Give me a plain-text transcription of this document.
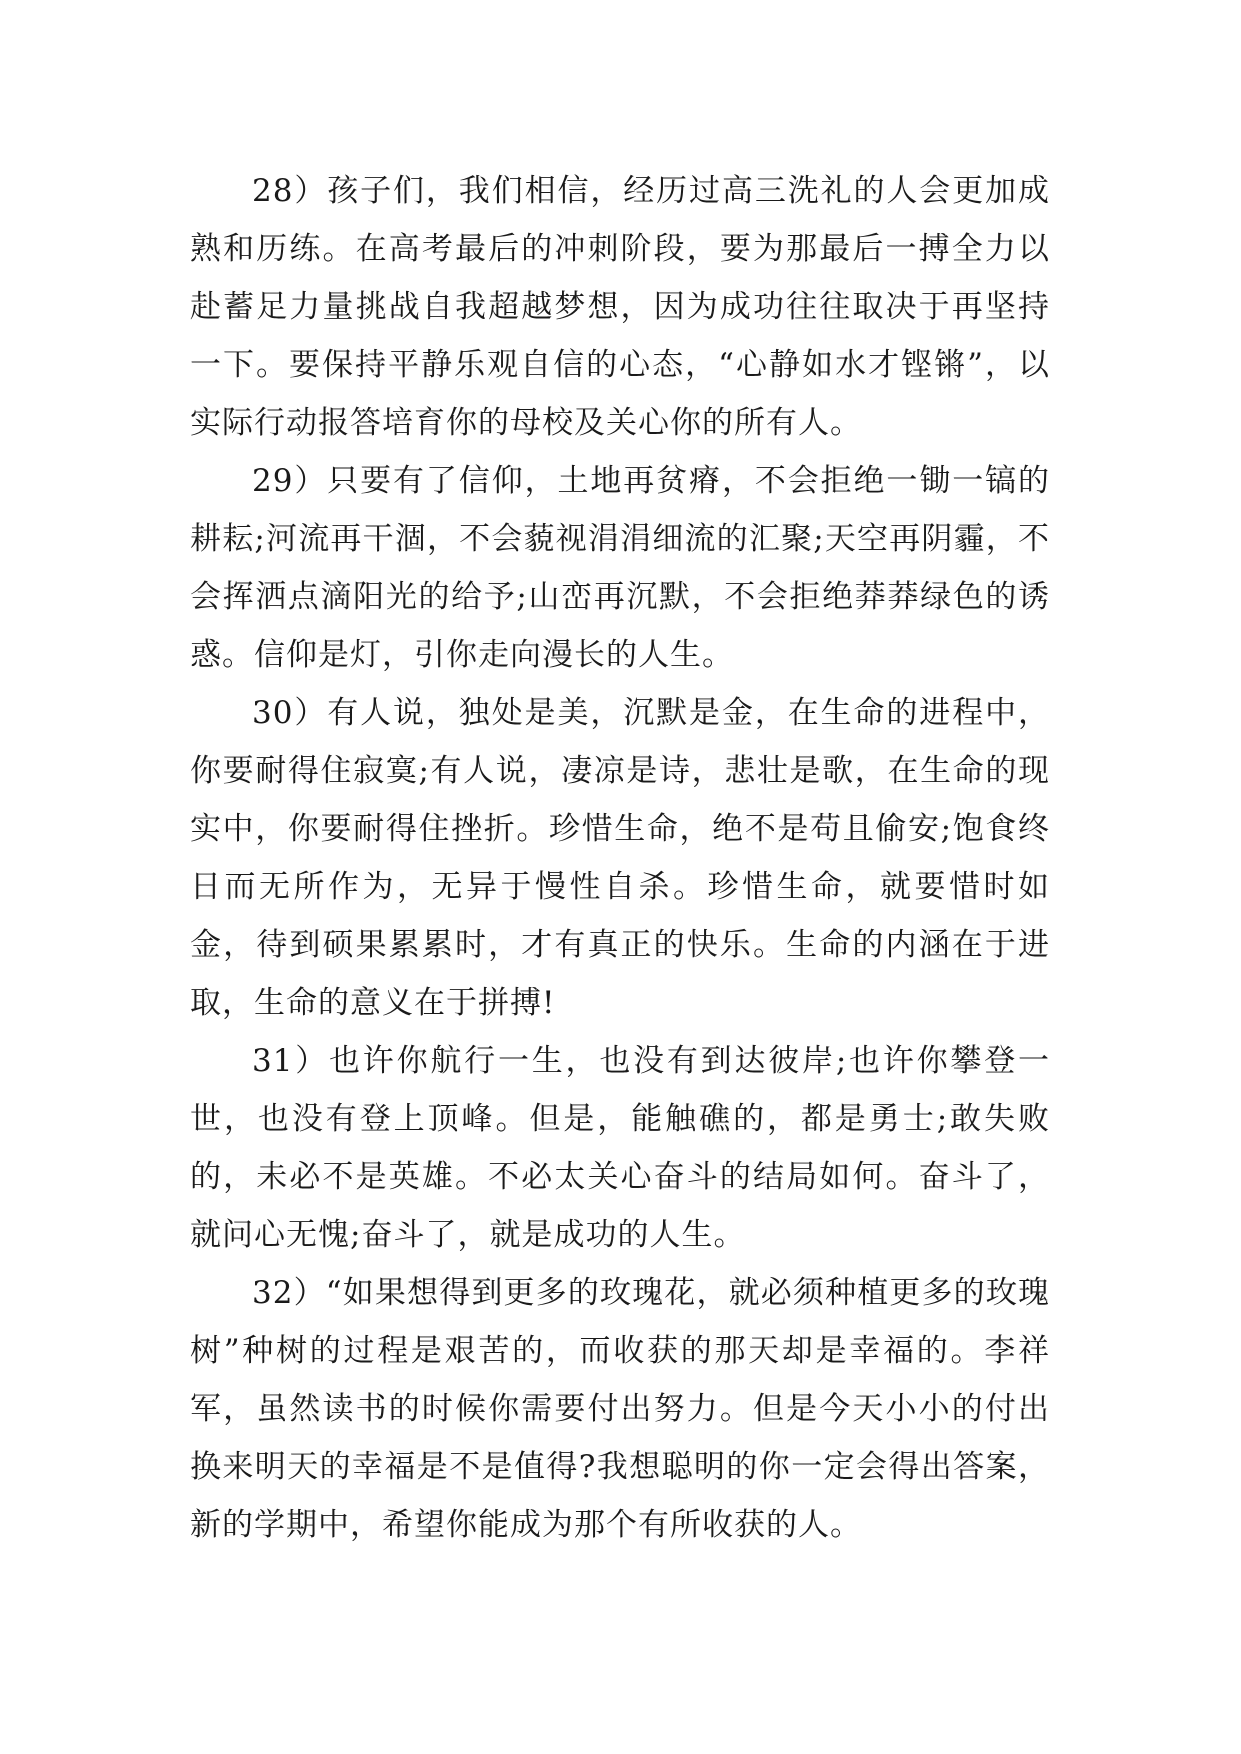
28）孩子们，我们相信，经历过高三洗礼的人会更加成熟和历练。在高考最后的冲刺阶段，要为那最后一搏全力以赴蓄足力量挑战自我超越梦想，因为成功往往取决于再坚持一下。要保持平静乐观自信的心态，“心静如水才铿锵”，以实际行动报答培育你的母校及关心你的所有人。

29）只要有了信仰，土地再贫瘠，不会拒绝一锄一镐的耕耘;河流再干涸，不会藐视涓涓细流的汇聚;天空再阴霾，不会挥洒点滴阳光的给予;山峦再沉默，不会拒绝莽莽绿色的诱惑。信仰是灯，引你走向漫长的人生。

30）有人说，独处是美，沉默是金，在生命的进程中，你要耐得住寂寞;有人说，凄凉是诗，悲壮是歌，在生命的现实中，你要耐得住挫折。珍惜生命，绝不是苟且偷安;饱食终日而无所作为，无异于慢性自杀。珍惜生命，就要惜时如金，待到硕果累累时，才有真正的快乐。生命的内涵在于进取，生命的意义在于拼搏!

31）也许你航行一生，也没有到达彼岸;也许你攀登一世，也没有登上顶峰。但是，能触礁的，都是勇士;敢失败的，未必不是英雄。不必太关心奋斗的结局如何。奋斗了，就问心无愧;奋斗了，就是成功的人生。

32）“如果想得到更多的玫瑰花，就必须种植更多的玫瑰树”种树的过程是艰苦的，而收获的那天却是幸福的。李祥军，虽然读书的时候你需要付出努力。但是今天小小的付出换来明天的幸福是不是值得?我想聪明的你一定会得出答案，新的学期中，希望你能成为那个有所收获的人。
